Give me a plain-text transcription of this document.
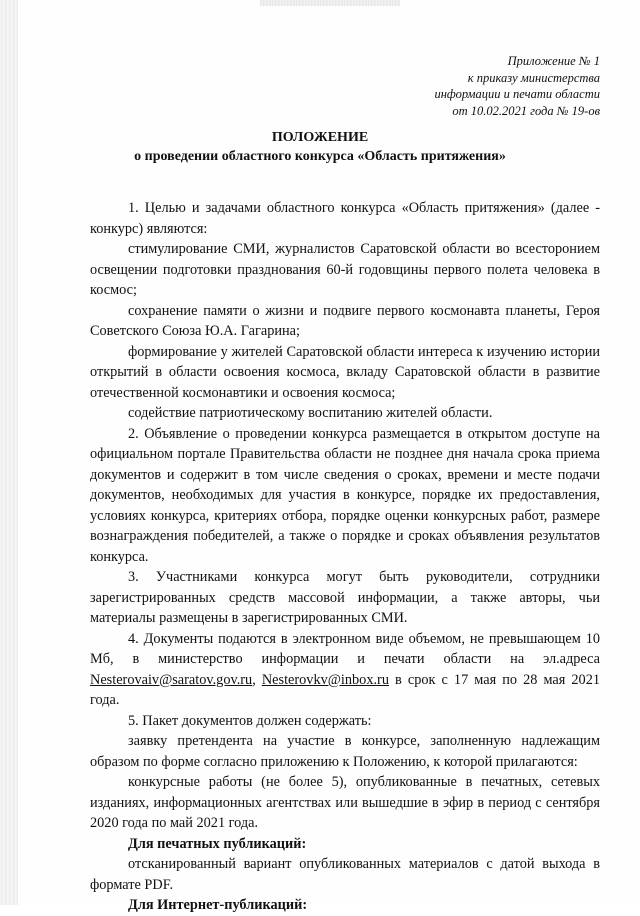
Приложение № 1
к приказу министерства
информации и печати области
от 10.02.2021 года № 19-ов
ПОЛОЖЕНИЕ
о проведении областного конкурса «Область притяжения»

1. Целью и задачами областного конкурса «Область притяжения» (далее - конкурс) являются:

стимулирование СМИ, журналистов Саратовской области во всесторонием освещении подготовки празднования 60-й годовщины первого полета человека в космос;

сохранение памяти о жизни и подвиге первого космонавта планеты, Героя Советского Союза Ю.А. Гагарина;

формирование у жителей Саратовской области интереса к изучению истории открытий в области освоения космоса, вкладу Саратовской области в развитие отечественной космонавтики и освоения космоса;

содействие патриотическому воспитанию жителей области.

2. Объявление о проведении конкурса размещается в открытом доступе на официальном портале Правительства области не позднее дня начала срока приема документов и содержит в том числе сведения о сроках, времени и месте подачи документов, необходимых для участия в конкурсе, порядке их предоставления, условиях конкурса, критериях отбора, порядке оценки конкурсных работ, размере вознаграждения победителей, а также о порядке и сроках объявления результатов конкурса.

3. Участниками конкурса могут быть руководители, сотрудники зарегистрированных средств массовой информации, а также авторы, чьи материалы размещены в зарегистрированных СМИ.

4. Документы подаются в электронном виде объемом, не превышающем 10 Мб, в министерство информации и печати области на эл.адреса Nesterovaiv@saratov.gov.ru, Nesterovkv@inbox.ru в срок с 17 мая по 28 мая 2021 года.

5. Пакет документов должен содержать:

заявку претендента на участие в конкурсе, заполненную надлежащим образом по форме согласно приложению к Положению, к которой прилагаются:

конкурсные работы (не более 5), опубликованные в печатных, сетевых изданиях, информационных агентствах или вышедшие в эфир в период с сентября 2020 года по май 2021 года.

Для печатных публикаций:

отсканированный вариант опубликованных материалов с датой выхода в формате PDF.

Для Интернет-публикаций:
